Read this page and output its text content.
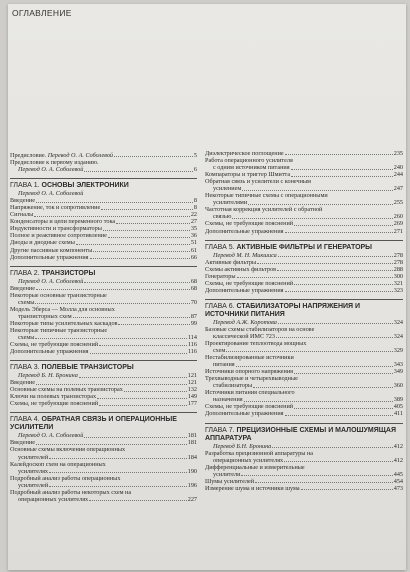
ОГЛАВЛЕНИЕ
Предисловие. Перевод О. А. Соболевой	5
Предисловие к первому изданию.
Перевод О. А. Соболевой	6
ГЛАВА 1. ОСНОВЫ ЭЛЕКТРОНИКИ
Перевод О. А. Соболевой
Введение	8
Напряжение, ток и сопротивление	8
Сигналы	22
Конденсаторы и цепи переменного тока	27
Индуктивности и трансформаторы	35
Полное и реактивное сопротивление	36
Диоды и диодные схемы	51
Другие пассивные компоненты	61
Дополнительные упражнения	66
ГЛАВА 2. ТРАНЗИСТОРЫ
Перевод О. А. Соболевой	68
Введение	68
Некоторые основные транзисторные
схемы	70
Модель Эберса — Молла для основных
транзисторных схем	87
Некоторые типы усилительных каскадов	99
Некоторые типичные транзисторные
схемы	114
Схемы, не требующие пояснений	116
Дополнительные упражнения	116
ГЛАВА 3. ПОЛЕВЫЕ ТРАНЗИСТОРЫ
Перевод Б. Н. Бронина	121
Введение	121
Основные схемы на полевых транзисторах	132
Ключи на полевых транзисторах	149
Схемы, не требующие пояснений	177
ГЛАВА 4. ОБРАТНАЯ СВЯЗЬ И ОПЕРАЦИОННЫЕ УСИЛИТЕЛИ
Перевод О. А. Соболевой	181
Введение	181
Основные схемы включения операционных
усилителей	184
Калейдоскоп схем на операционных
усилителях	190
Подробный анализ работы операционных
усилителей	196
Подробный анализ работы некоторых схем на
операционных усилителях	227
Диэлектрическое поглощение	235
Работа операционного усилителя
с одним источником питания	240
Компараторы и триггер Шмитта	244
Обратная связь и усилители с конечным
усилением	247
Некоторые типичные схемы с операционными
усилителями	255
Частотная коррекция усилителей с обратной
связью	260
Схемы, не требующие пояснений	269
Дополнительные упражнения	271
ГЛАВА 5. АКТИВНЫЕ ФИЛЬТРЫ И ГЕНЕРАТОРЫ
Перевод М. Н. Микшиса	278
Активные фильтры	278
Схемы активных фильтров	288
Генераторы	300
Схемы, не требующие пояснений	321
Дополнительные упражнения	323
ГЛАВА 6. СТАБИЛИЗАТОРЫ НАПРЯЖЕНИЯ И ИСТОЧНИКИ ПИТАНИЯ
Перевод А.Ж. Коротова	324
Базовые схемы стабилизаторов на основе
классической ИМС 723	324
Проектирование теплоотвода мощных
схем	329
Нестабилизированные источники
питания	343
Источники опорного напряжения	349
Трехвыводные и четырехвыводные
стабилизаторы	360
Источники питания специального
назначения	389
Схемы, не требующие пояснений	405
Дополнительные упражнения	411
ГЛАВА 7. ПРЕЦИЗИОННЫЕ СХЕМЫ И МАЛОШУМЯЩАЯ АППАРАТУРА
Перевод Б.Н. Бронина	412
Разработка прецизионной аппаратуры на
операционных усилителях	412
Дифференциальные и измерительные
усилители	445
Шумы усилителей	454
Измерение шума и источники шума	473
